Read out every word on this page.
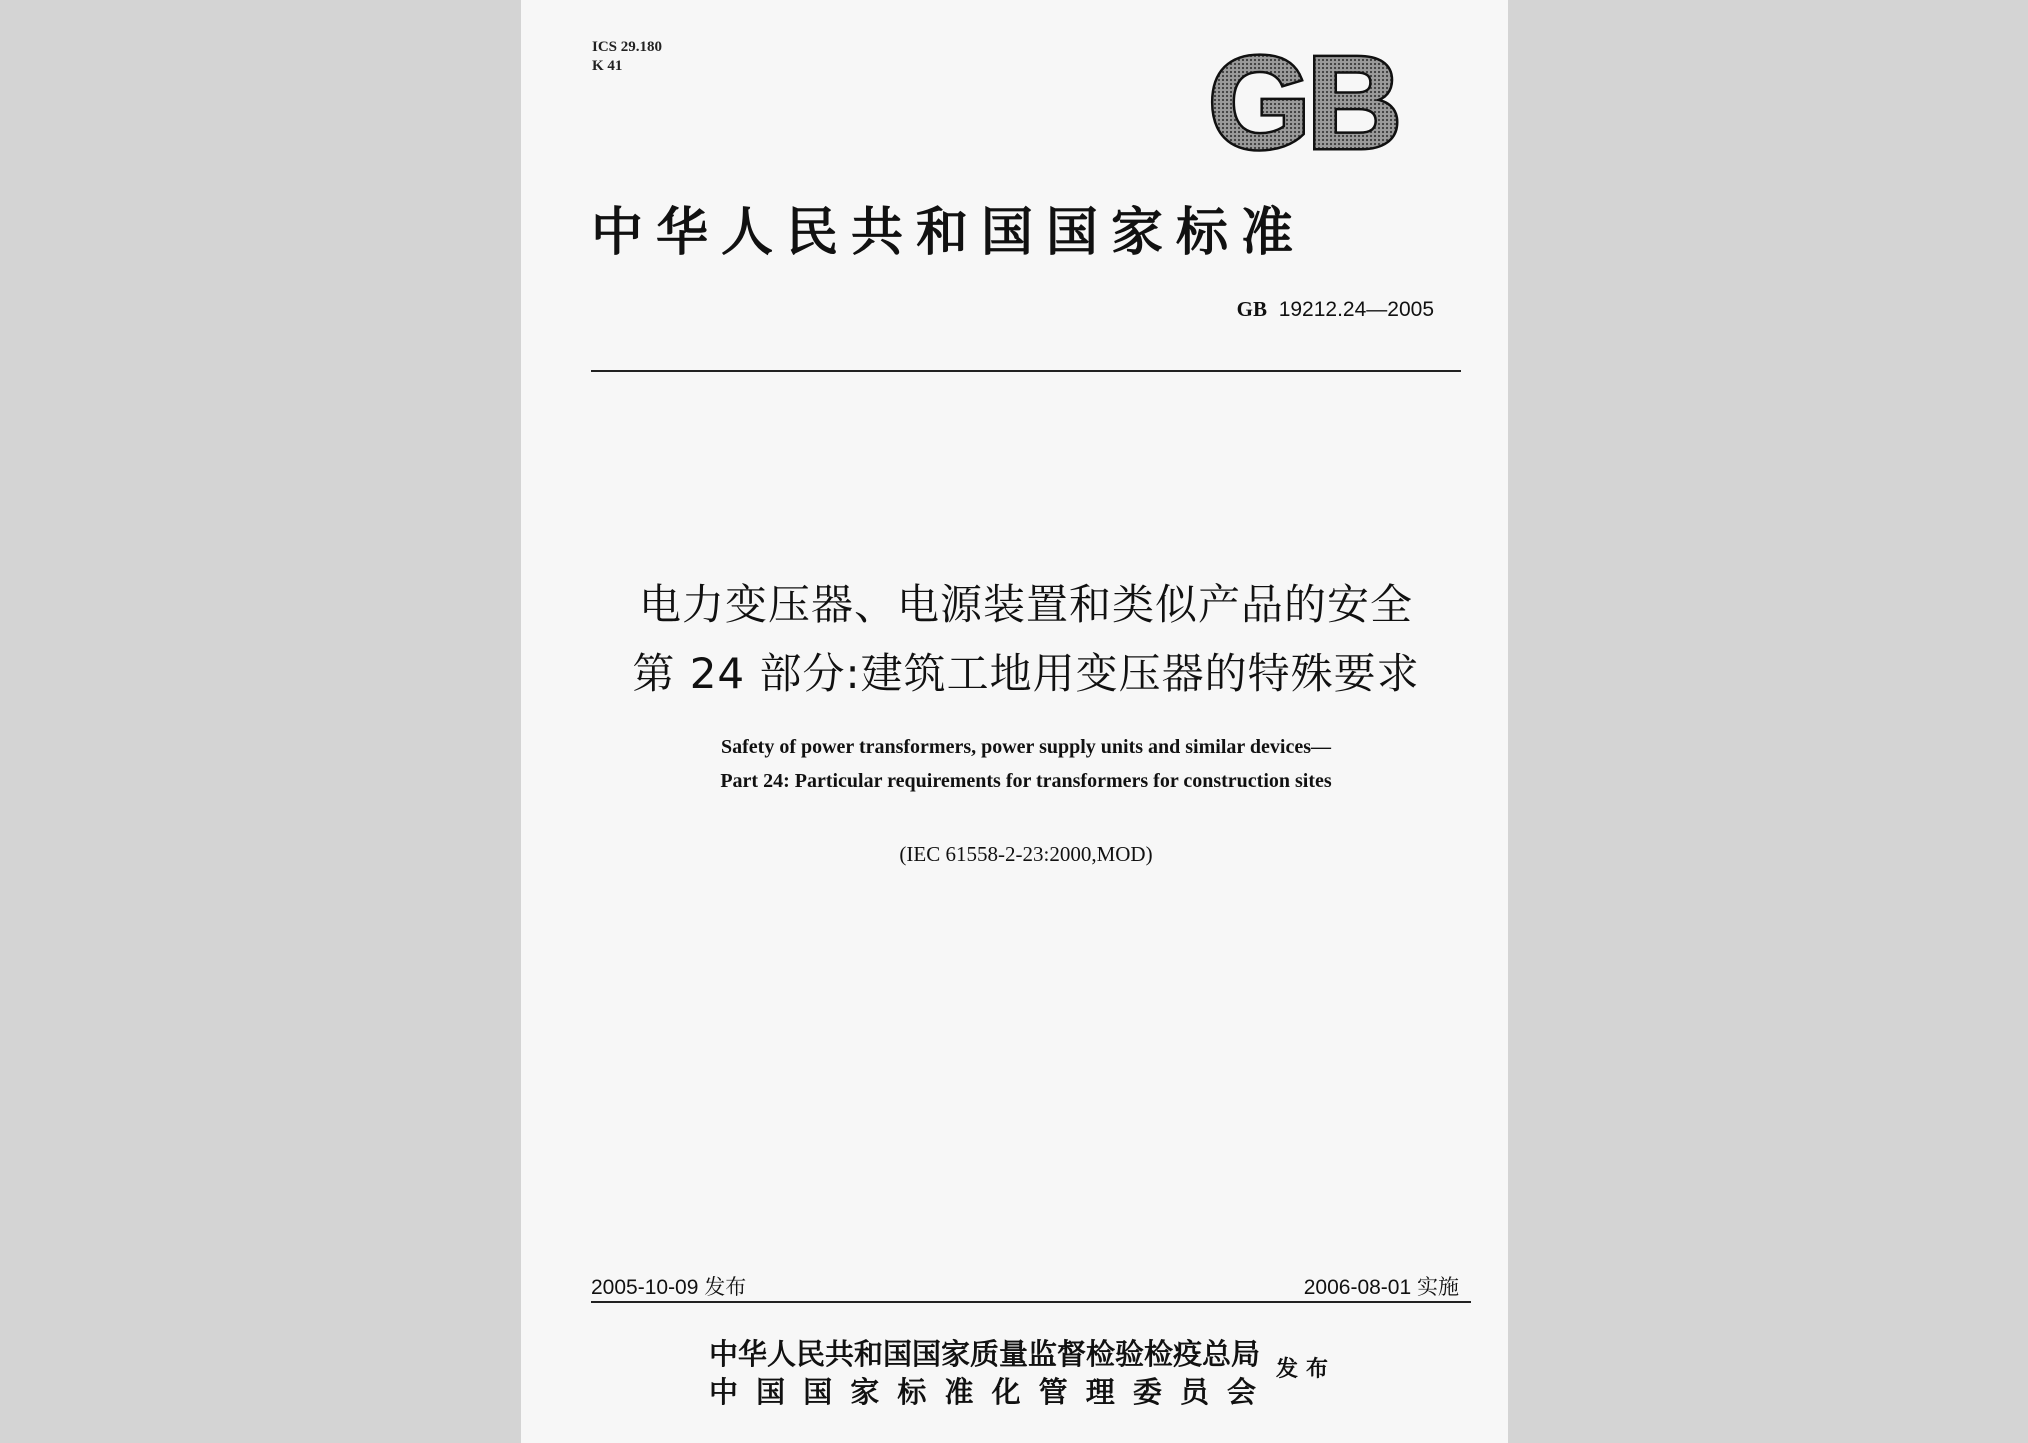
ICS 29.180
K 41	GB
中华人民共和国国家标准
GB 19212.24—2005
电力变压器、电源装置和类似产品的安全
第 24 部分:建筑工地用变压器的特殊要求
Safety of power transformers, power supply units and similar devices—
Part 24: Particular requirements for transformers for construction sites
(IEC 61558-2-23:2000,MOD)
2005-10-09 发布	2006-08-01 实施
中华人民共和国国家质量监督检验检疫总局
中 国 国 家 标 准 化 管 理 委 员 会
发布
